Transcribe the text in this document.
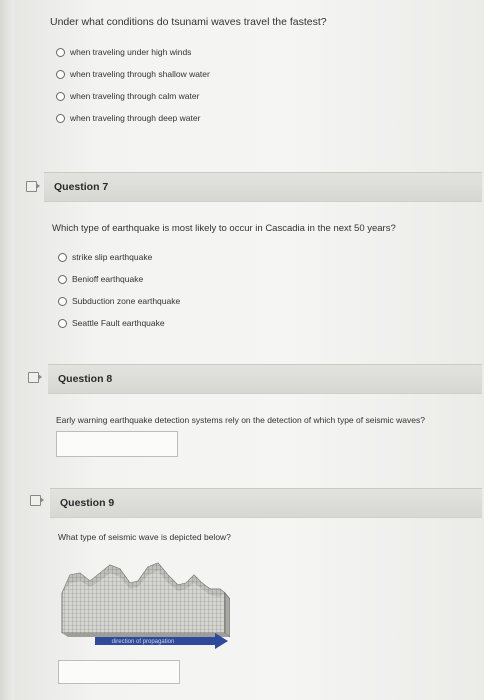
Under what conditions do tsunami waves travel the fastest?
when traveling under high winds
when traveling through shallow water
when traveling through calm water
when traveling through deep water
Question 7
Which type of earthquake is most likely to occur in Cascadia in the next 50 years?
strike slip earthquake
Benioff earthquake
Subduction zone earthquake
Seattle Fault earthquake
Question 8
Early warning earthquake detection systems rely on the detection of which type of seismic waves?
Question 9
What type of seismic wave is depicted below?
direction of propagation
